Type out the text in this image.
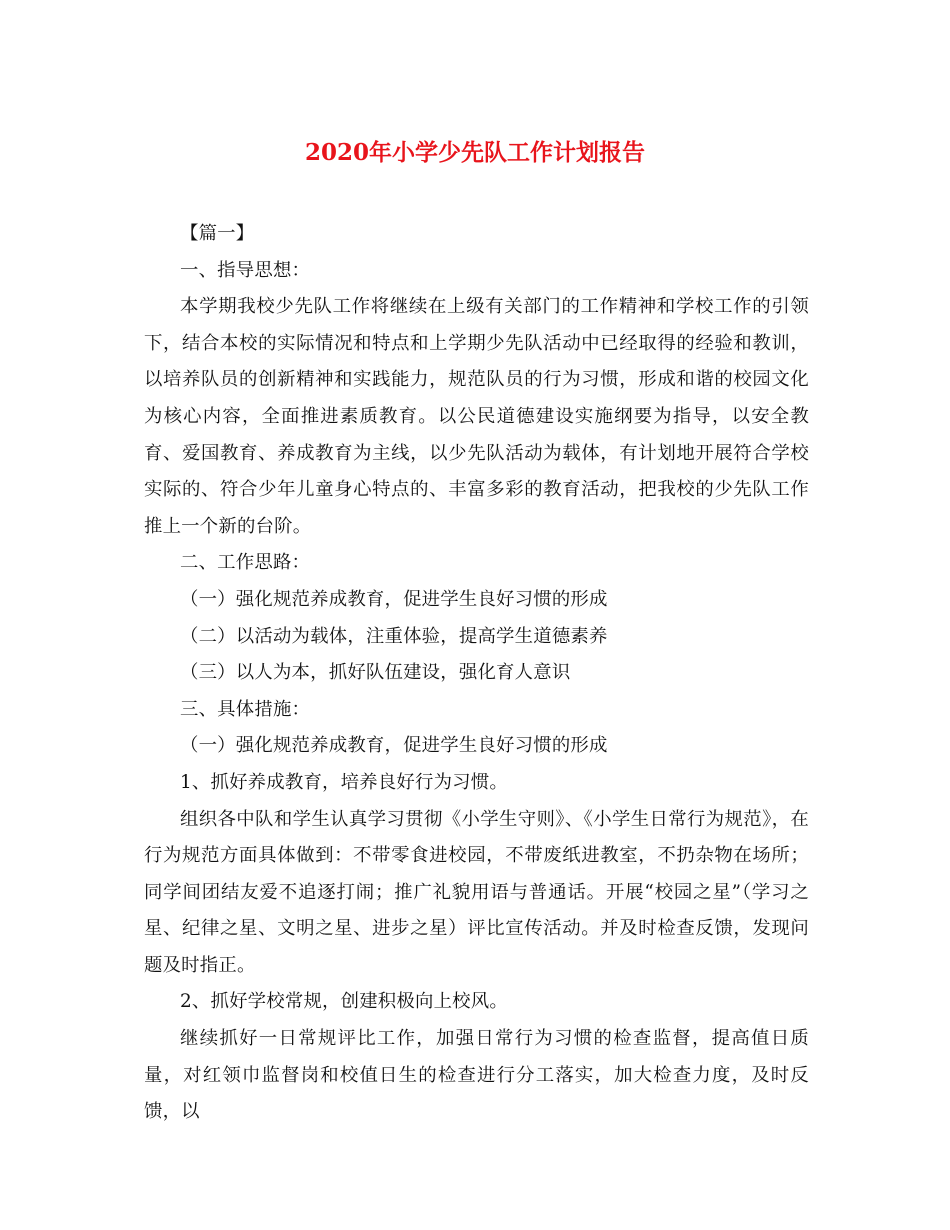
2020年小学少先队工作计划报告

【篇一】

一、指导思想：

本学期我校少先队工作将继续在上级有关部门的工作精神和学校工作的引领下，结合本校的实际情况和特点和上学期少先队活动中已经取得的经验和教训，以培养队员的创新精神和实践能力，规范队员的行为习惯，形成和谐的校园文化为核心内容，全面推进素质教育。以公民道德建设实施纲要为指导，以安全教育、爱国教育、养成教育为主线，以少先队活动为载体，有计划地开展符合学校实际的、符合少年儿童身心特点的、丰富多彩的教育活动，把我校的少先队工作推上一个新的台阶。

二、工作思路：

（一）强化规范养成教育，促进学生良好习惯的形成

（二）以活动为载体，注重体验，提高学生道德素养

（三）以人为本，抓好队伍建设，强化育人意识

三、具体措施：

（一）强化规范养成教育，促进学生良好习惯的形成

1、抓好养成教育，培养良好行为习惯。

组织各中队和学生认真学习贯彻《小学生守则》、《小学生日常行为规范》，在行为规范方面具体做到：不带零食进校园，不带废纸进教室，不扔杂物在场所；同学间团结友爱不追逐打闹；推广礼貌用语与普通话。开展“校园之星”（学习之星、纪律之星、文明之星、进步之星）评比宣传活动。并及时检查反馈，发现问题及时指正。

2、抓好学校常规，创建积极向上校风。

继续抓好一日常规评比工作，加强日常行为习惯的检查监督，提高值日质量，对红领巾监督岗和校值日生的检查进行分工落实，加大检查力度，及时反馈，以
